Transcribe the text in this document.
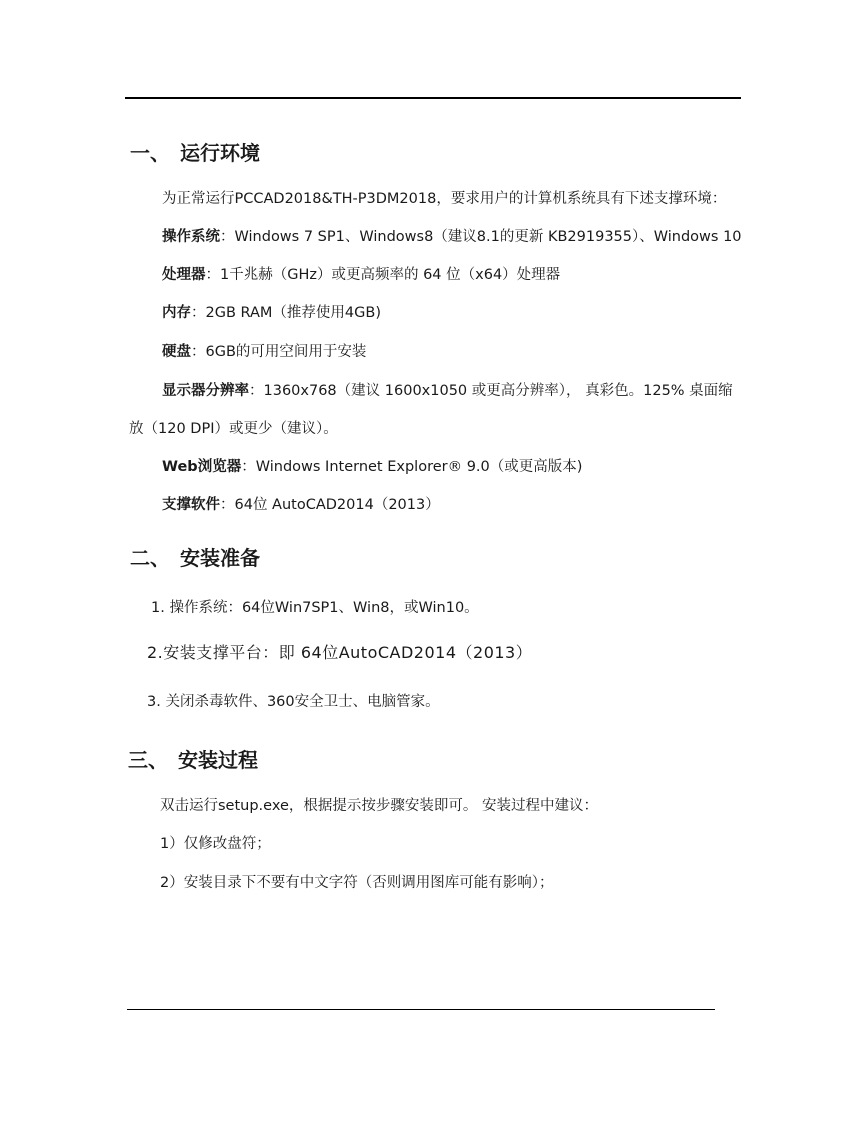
一、 运行环境
为正常运行PCCAD2018&TH-P3DM2018，要求用户的计算机系统具有下述支撑环境：
操作系统：Windows 7 SP1、Windows8（建议8.1的更新 KB2919355）、Windows 10
处理器：1千兆赫（GHz）或更高频率的 64 位（x64）处理器
内存：2GB RAM（推荐使用4GB)
硬盘：6GB的可用空间用于安装
显示器分辨率：1360x768（建议 1600x1050 或更高分辨率）， 真彩色。125% 桌面缩
放（120 DPI）或更少（建议）。
Web浏览器：Windows Internet Explorer® 9.0（或更高版本)
支撑软件：64位 AutoCAD2014（2013）
二、 安装准备
1. 操作系统：64位Win7SP1、Win8，或Win10。
2.安装支撑平台：即 64位AutoCAD2014（2013）
3. 关闭杀毒软件、360安全卫士、电脑管家。
三、 安装过程
双击运行setup.exe，根据提示按步骤安装即可。 安装过程中建议：
1）仅修改盘符；
2）安装目录下不要有中文字符（否则调用图库可能有影响）；
